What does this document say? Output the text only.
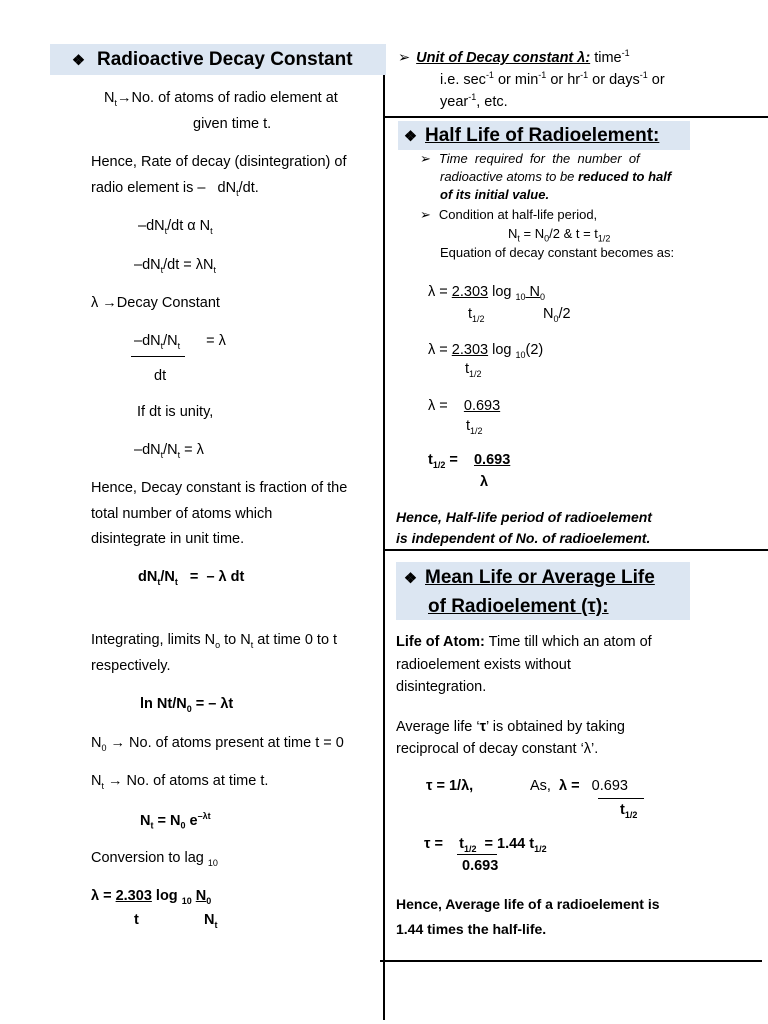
❖ Radioactive Decay Constant
$N_t\to No$. of atoms of radio element at
given time t.
Hence, Rate of decay (disintegration) of
radio element is – $dN_t/dt$.
$-dN_t/dt$ α $N_t$
$-dN_t/dt = \lambda N_t$
λ →Decay Constant
$-dN_t/N_t = \lambda$
dt
If dt is unity,
$-dN_t/N_t = \lambda$
Hence, Decay constant is fraction of the
total number of atoms which
disintegrate in unit time.
$dN_t/N_t$   =  – λ dt
Integrating, limits $N_o$ to $N_t$ at time 0 to t
respectively.
$\ln Nt/N_0$ = – λt
$N_0 \to No$. of atoms present at time t = 0
$N_t \to No$. of atoms at time t.
$N_t = N_0$ $e^{-\lambda t}$
Conversion to lag $_{10}$
λ = 2.303 log $_{10}$ $N_0$
t	$N_t$
➢ Unit of Decay constant λ: time$^{-1}$
i.e. $\sec^{-1}$ or $\min^{-1}$ or $hr^{-1}$ or days$^{-1}$ or
year$^{-1}$, etc.
❖ Half Life of Radioelement:
➢ Time  required  for  the  number  of
radioactive atoms to be reduced to half
of its initial value.
➢ Condition at half-life period,
$N_t = N_0/2$ & $t = t_{1/2}$
Equation of decay constant becomes as:
λ = 2.303 log $_{10}$ $N_0$
$t_{1/2}$	$N_0/2$
λ = 2.303 log $_{10}$(2)
$t_{1/2}$
λ =    0.693
$t_{1/2}$
$t_{1/2}$ =    0.693
λ
Hence, Half-life period of radioelement
is independent of No. of radioelement.
❖ Mean Life or Average Life
of Radioelement (τ):
Life of Atom: Time till which an atom of
radioelement exists without
disintegration.
Average life ‘τ’ is obtained by taking
reciprocal of decay constant ‘λ’.
τ = 1/λ,	As,  λ =   0.693
$t_{1/2}$
τ =    $t_{1/2} = 1.44$ $t_{1/2}$
0.693
Hence, Average life of a radioelement is
1.44 times the half-life.
